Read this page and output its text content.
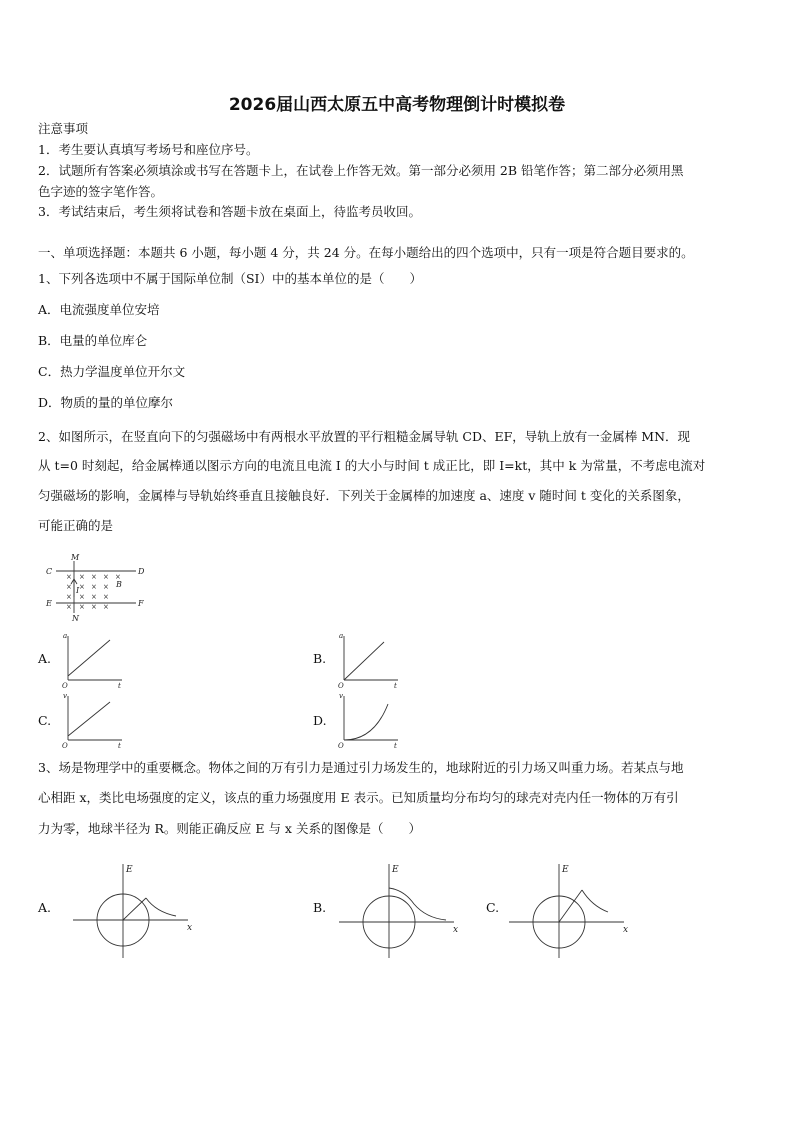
2026届山西太原五中高考物理倒计时模拟卷
注意事项
1．考生要认真填写考场号和座位序号。
2．试题所有答案必须填涂或书写在答题卡上，在试卷上作答无效。第一部分必须用 2B 铅笔作答；第二部分必须用黑
色字迹的签字笔作答。
3．考试结束后，考生须将试卷和答题卡放在桌面上，待监考员收回。
一、单项选择题：本题共 6 小题，每小题 4 分，共 24 分。在每小题给出的四个选项中，只有一项是符合题目要求的。
1、下列各选项中不属于国际单位制（SI）中的基本单位的是（　　）
A．电流强度单位安培
B．电量的单位库仑
C．热力学温度单位开尔文
D．物质的量的单位摩尔
2、如图所示，在竖直向下的匀强磁场中有两根水平放置的平行粗糙金属导轨 CD、EF，导轨上放有一金属棒 MN．现
从 t=0 时刻起，给金属棒通以图示方向的电流且电流 I 的大小与时间 t 成正比，即 I=kt，其中 k 为常量，不考虑电流对
匀强磁场的影响，金属棒与导轨始终垂直且接触良好．下列关于金属棒的加速度 a、速度 v 随时间 t 变化的关系图象，
可能正确的是
× × × × ×
× × × ×
× × × ×
× × × ×
C	D
E	F
M
N
B
I
A.
a
t
O
B.
a
t
O
C.
v
t
O
D.
v
t
O
3、场是物理学中的重要概念。物体之间的万有引力是通过引力场发生的，地球附近的引力场又叫重力场。若某点与地
心相距 x，类比电场强度的定义，该点的重力场强度用 E 表示。已知质量均分布均匀的球壳对壳内任一物体的万有引
力为零，地球半径为 R。则能正确反应 E 与 x 关系的图像是（　　）
A.
E
x
B.
E
x
C.
E
x
